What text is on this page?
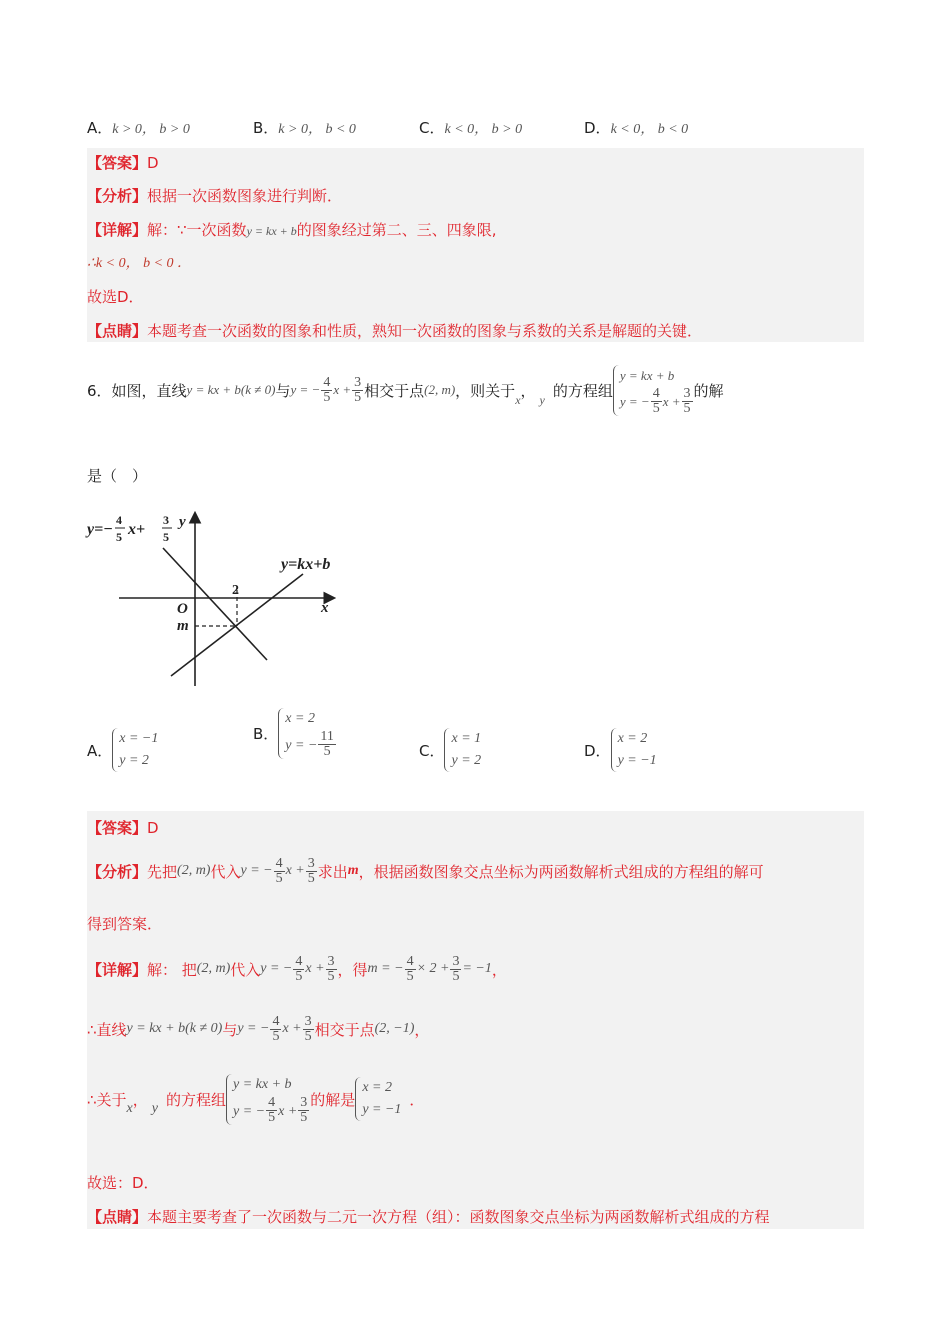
A．k > 0， b > 0	B．k > 0， b < 0	C．k < 0， b > 0	D．k < 0， b < 0
【答案】D
【分析】根据一次函数图象进行判断．
【详解】解：∵一次函数y = kx + b的图象经过第二、三、四象限,
∴k < 0， b < 0 ．
故选D．
【点睛】本题考查一次函数的图象和性质，熟知一次函数的图象与系数的关系是解题的关键．
6．如图，直线 y = kx + b(k ≠ 0) 与 y = − $\frac{4}{5}$ $x + \frac{3}{5}$ 相交于点 (2, m) ，则关于 x ， y 的方程组
y = kx + b
y = − $\frac{4}{5}$ $x + \frac{3}{5}$ 的解
是（　）
y=−
4
5 x+
3
5
y
y=kx+b
x
O
m
2
A．
x = −1
y = 2
B．
x = 2
y = − $\frac{11}{5}$	C．
x = 1
y = 2
D．
x = 2
y = −1
【答案】D
【分析】 先把 (2, m) 代入 y = − $\frac{4}{5}$ $x + \frac{3}{5}$ 求出 m ，根据函数图象交点坐标为两函数解析式组成的方程组的解可
得到答案．
【详解】 解： 把 (2, m) 代入 y = − $\frac{4}{5}$ $x + \frac{3}{5}$ ，得 m = − $\frac{4}{5} \times 2 + \frac{3}{5} = -1$ ，
∴直线 y = kx + b(k ≠ 0) 与 y = − $\frac{4}{5}$ $x + \frac{3}{5}$ 相交于点 (2, −1) ，
∴关于 x ， y 的方程组
y = kx + b
y = − $\frac{4}{5}$ $x + \frac{3}{5}$ 的解是
x = 2
y = −1
．
故选：D．
【点睛】本题主要考查了一次函数与二元一次方程（组）：函数图象交点坐标为两函数解析式组成的方程
